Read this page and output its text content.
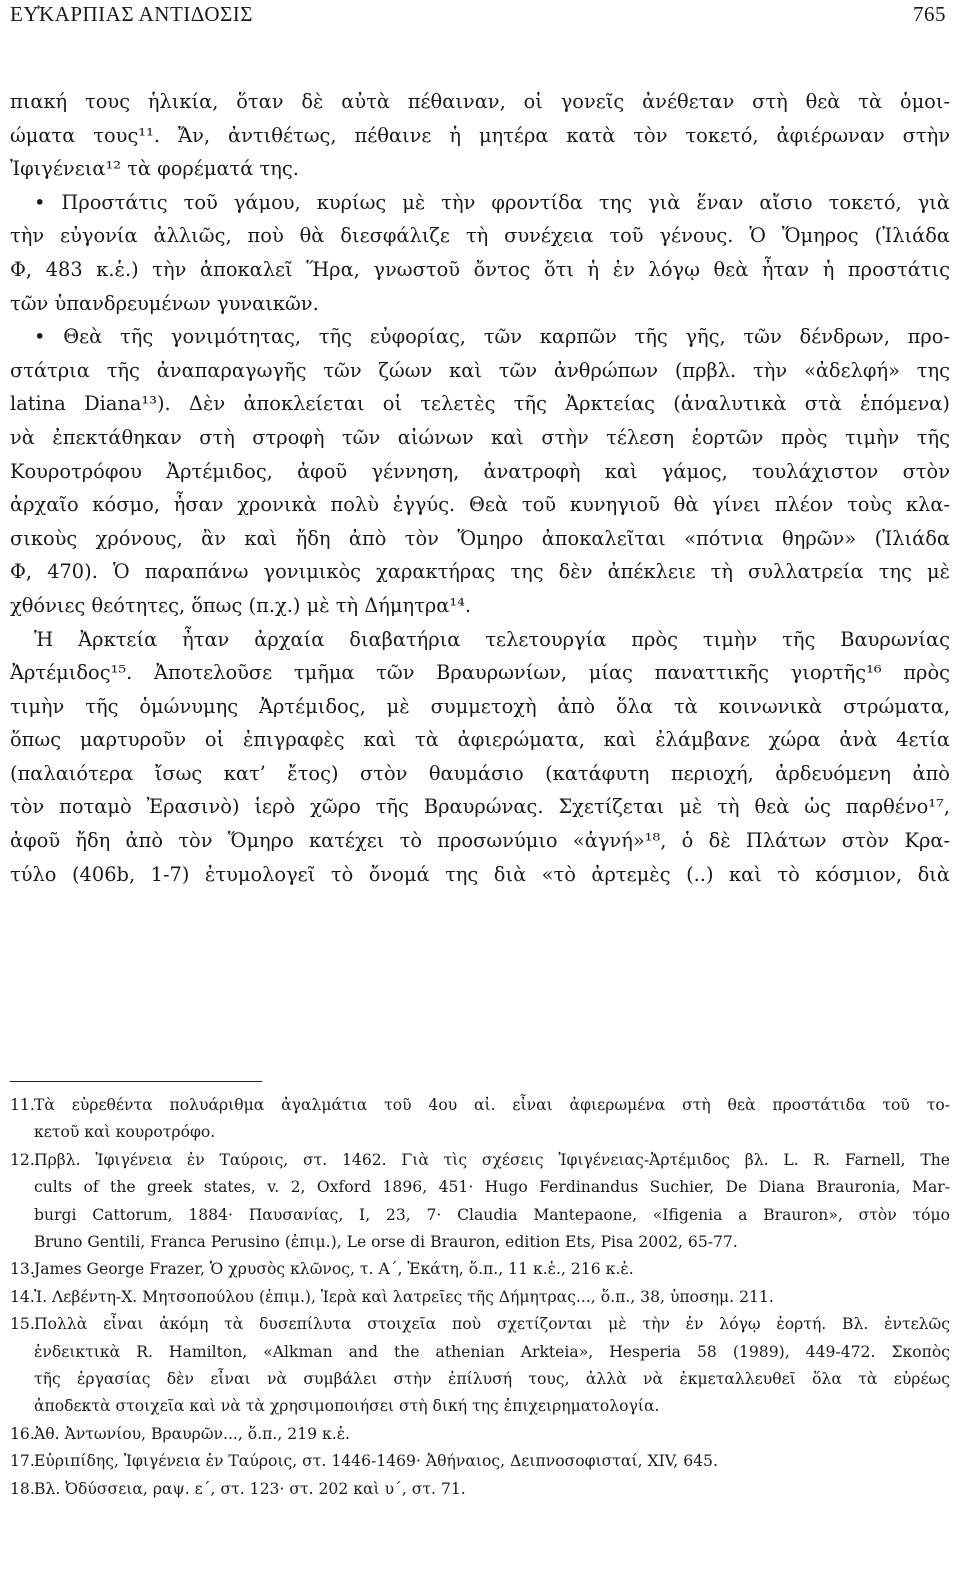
ΕΥ̓ΚΑΡΠΙΑΣ ΑΝΤΙΔΟΣΙΣ	765
πιακή τους ἡλικία, ὅταν δὲ αὐτὰ πέθαιναν, οἱ γονεῖς ἀνέθεταν στὴ θεὰ τὰ ὁμοι-
ώματα τους¹¹. Ἄν, ἀντιθέτως, πέθαινε ἡ μητέρα κατὰ τὸν τοκετό, ἀφιέρωναν στὴν
Ἰφιγένεια¹² τὰ φορέματά της.
• Προστάτις τοῦ γάμου, κυρίως μὲ τὴν φροντίδα της γιὰ ἕναν αἴσιο τοκετό, γιὰ
τὴν εὐγονία ἀλλιῶς, ποὺ θὰ διεσφάλιζε τὴ συνέχεια τοῦ γένους. Ὁ Ὅμηρος (Ἰλιάδα
Φ, 483 κ.ἑ.) τὴν ἀποκαλεῖ Ἥρα, γνωστοῦ ὄντος ὅτι ἡ ἐν λόγῳ θεὰ ἦταν ἡ προστάτις
τῶν ὑπανδρευμένων γυναικῶν.
• Θεὰ τῆς γονιμότητας, τῆς εὐφορίας, τῶν καρπῶν τῆς γῆς, τῶν δένδρων, προ-
στάτρια τῆς ἀναπαραγωγῆς τῶν ζώων καὶ τῶν ἀνθρώπων (πρβλ. τὴν «ἀδελφή» της
latina Diana¹³). Δὲν ἀποκλείεται οἱ τελετὲς τῆς Ἀρκτείας (ἀναλυτικὰ στὰ ἑπόμενα)
νὰ ἐπεκτάθηκαν στὴ στροφὴ τῶν αἰώνων καὶ στὴν τέλεση ἑορτῶν πρὸς τιμὴν τῆς
Κουροτρόφου Ἀρτέμιδος, ἀφοῦ γέννηση, ἀνατροφὴ καὶ γάμος, τουλάχιστον στὸν
ἀρχαῖο κόσμο, ἦσαν χρονικὰ πολὺ ἐγγύς. Θεὰ τοῦ κυνηγιοῦ θὰ γίνει πλέον τοὺς κλα-
σικοὺς χρόνους, ἂν καὶ ἤδη ἀπὸ τὸν Ὅμηρο ἀποκαλεῖται «πότνια θηρῶν» (Ἰλιάδα
Φ, 470). Ὁ παραπάνω γονιμικὸς χαρακτήρας της δὲν ἀπέκλειε τὴ συλλατρεία της μὲ
χθόνιες θεότητες, ὅπως (π.χ.) μὲ τὴ Δήμητρα¹⁴.
Ἡ Ἀρκτεία ἦταν ἀρχαία διαβατήρια τελετουργία πρὸς τιμὴν τῆς Βαυρωνίας
Ἀρτέμιδος¹⁵. Ἀποτελοῦσε τμῆμα τῶν Βραυρωνίων, μίας παναττικῆς γιορτῆς¹⁶ πρὸς
τιμὴν τῆς ὁμώνυμης Ἀρτέμιδος, μὲ συμμετοχὴ ἀπὸ ὅλα τὰ κοινωνικὰ στρώματα,
ὅπως μαρτυροῦν οἱ ἐπιγραφὲς καὶ τὰ ἀφιερώματα, καὶ ἐλάμβανε χώρα ἀνὰ 4ετία
(παλαιότερα ἴσως κατ’ ἔτος) στὸν θαυμάσιο (κατάφυτη περιοχή, ἀρδευόμενη ἀπὸ
τὸν ποταμὸ Ἐρασινὸ) ἱερὸ χῶρο τῆς Βραυρώνας. Σχετίζεται μὲ τὴ θεὰ ὡς παρθένο¹⁷,
ἀφοῦ ἤδη ἀπὸ τὸν Ὅμηρο κατέχει τὸ προσωνύμιο «ἁγνή»¹⁸, ὁ δὲ Πλάτων στὸν Κρα-
τύλο (406b, 1-7) ἐτυμολογεῖ τὸ ὄνομά της διὰ «τὸ ἀρτεμὲς (..) καὶ τὸ κόσμιον, διὰ
11. Τὰ εὑρεθέντα πολυάριθμα ἀγαλμάτια τοῦ 4ου αἰ. εἶναι ἀφιερωμένα στὴ θεὰ προστάτιδα τοῦ το-
κετοῦ καὶ κουροτρόφο.
12. Πρβλ. Ἰφιγένεια ἐν Ταύροις, στ. 1462. Γιὰ τὶς σχέσεις Ἰφιγένειας-Ἀρτέμιδος βλ. L. R. Farnell, The
cults of the greek states, v. 2, Oxford 1896, 451· Hugo Ferdinandus Suchier, De Diana Brauronia, Mar-
burgi Cattorum, 1884· Παυσανίας, Ι, 23, 7· Claudia Mantepaone, «Ifigenia a Brauron», στὸν τόμο
Bruno Gentili, Franca Perusino (ἐπιμ.), Le orse di Brauron, edition Ets, Pisa 2002, 65-77.
13. James George Frazer, Ὁ χρυσὸς κλῶνος, τ. Α΄, Ἑκάτη, ὅ.π., 11 κ.ἑ., 216 κ.ἑ.
14. Ἰ. Λεβέντη-Χ. Μητσοπούλου (ἐπιμ.), Ἱερὰ καὶ λατρεῖες τῆς Δήμητρας..., ὅ.π., 38, ὑποσημ. 211.
15. Πολλὰ εἶναι ἀκόμη τὰ δυσεπίλυτα στοιχεῖα ποὺ σχετίζονται μὲ τὴν ἐν λόγῳ ἑορτή. Βλ. ἐντελῶς
ἐνδεικτικὰ R. Hamilton, «Alkman and the athenian Arkteia», Hesperia 58 (1989), 449-472. Σκοπὸς
τῆς ἐργασίας δὲν εἶναι νὰ συμβάλει στὴν ἐπίλυσή τους, ἀλλὰ νὰ ἐκμεταλλευθεῖ ὅλα τὰ εὑρέως
ἀποδεκτὰ στοιχεῖα καὶ νὰ τὰ χρησιμοποιήσει στὴ δική της ἐπιχειρηματολογία.
16. Ἀθ. Ἀντωνίου, Βραυρῶν..., ὅ.π., 219 κ.ἑ.
17. Εὐριπίδης, Ἰφιγένεια ἐν Ταύροις, στ. 1446-1469· Ἀθήναιος, Δειπνοσοφισταί, XIV, 645.
18. Βλ. Ὀδύσσεια, ραψ. ε΄, στ. 123· στ. 202 καὶ υ΄, στ. 71.
